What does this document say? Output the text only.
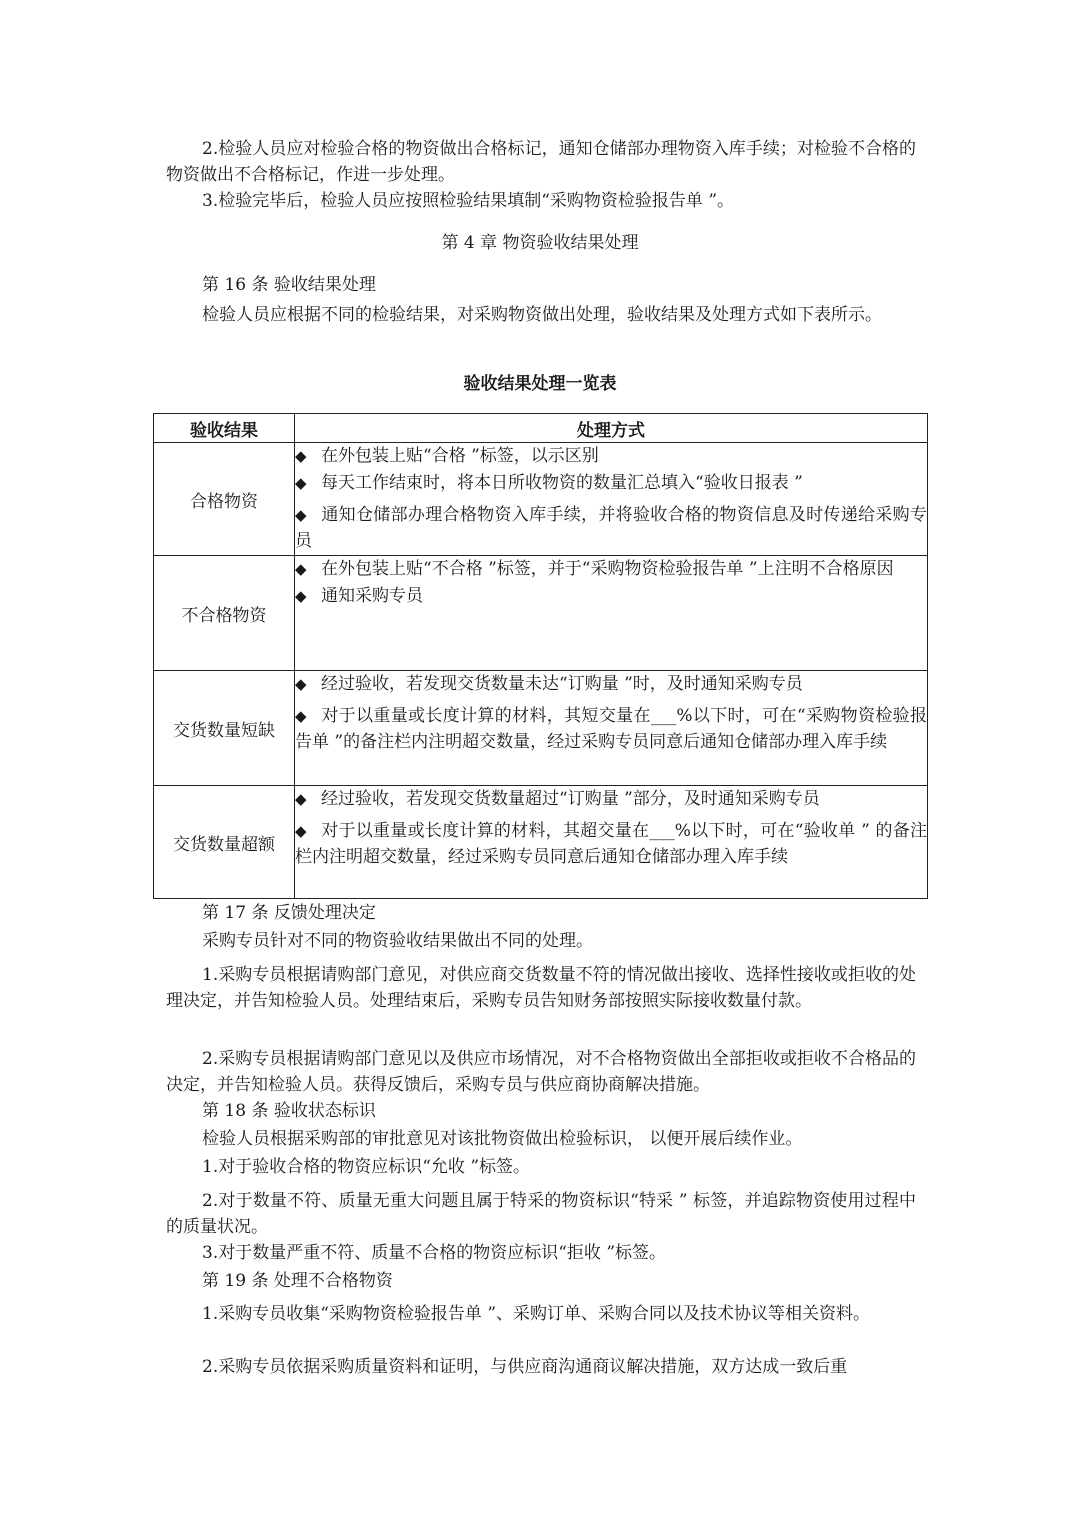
2.检验人员应对检验合格的物资做出合格标记，通知仓储部办理物资入库手续；对检验不合格的物资做出不合格标记，作进一步处理。

3.检验完毕后，检验人员应按照检验结果填制“采购物资检验报告单 ”。

第 4 章 物资验收结果处理

第 16 条 验收结果处理

检验人员应根据不同的检验结果，对采购物资做出处理，验收结果及处理方式如下表所示。

验收结果处理一览表
验收结果	处理方式
合格物资	◆ 在外包装上贴“合格 ”标签，以示区别
◆ 每天工作结束时，将本日所收物资的数量汇总填入“验收日报表 ”
◆ 通知仓储部办理合格物资入库手续，并将验收合格的物资信息及时传递给采购专员

不合格物资	◆ 在外包装上贴“不合格 ”标签，并于“采购物资检验报告单 ”上注明不合格原因
◆ 通知采购专员

交货数量短缺	◆ 经过验收，若发现交货数量未达“订购量 ”时，及时通知采购专员
◆ 对于以重量或长度计算的材料，其短交量在___%以下时，可在“采购物资检验报告单 ”的备注栏内注明超交数量，经过采购专员同意后通知仓储部办理入库手续

交货数量超额	◆ 经过验收，若发现交货数量超过“订购量 ”部分，及时通知采购专员
◆ 对于以重量或长度计算的材料，其超交量在___%以下时，可在“验收单 ” 的备注栏内注明超交数量，经过采购专员同意后通知仓储部办理入库手续

第 17 条 反馈处理决定

采购专员针对不同的物资验收结果做出不同的处理。

1.采购专员根据请购部门意见，对供应商交货数量不符的情况做出接收、选择性接收或拒收的处理决定，并告知检验人员。处理结束后，采购专员告知财务部按照实际接收数量付款。

2.采购专员根据请购部门意见以及供应市场情况，对不合格物资做出全部拒收或拒收不合格品的决定，并告知检验人员。获得反馈后，采购专员与供应商协商解决措施。

第 18 条 验收状态标识

检验人员根据采购部的审批意见对该批物资做出检验标识， 以便开展后续作业。

1.对于验收合格的物资应标识“允收 ”标签。

2.对于数量不符、质量无重大问题且属于特采的物资标识“特采 ” 标签，并追踪物资使用过程中的质量状况。

3.对于数量严重不符、质量不合格的物资应标识“拒收 ”标签。

第 19 条 处理不合格物资

1.采购专员收集“采购物资检验报告单 ”、采购订单、采购合同以及技术协议等相关资料。

2.采购专员依据采购质量资料和证明，与供应商沟通商议解决措施，双方达成一致后重
